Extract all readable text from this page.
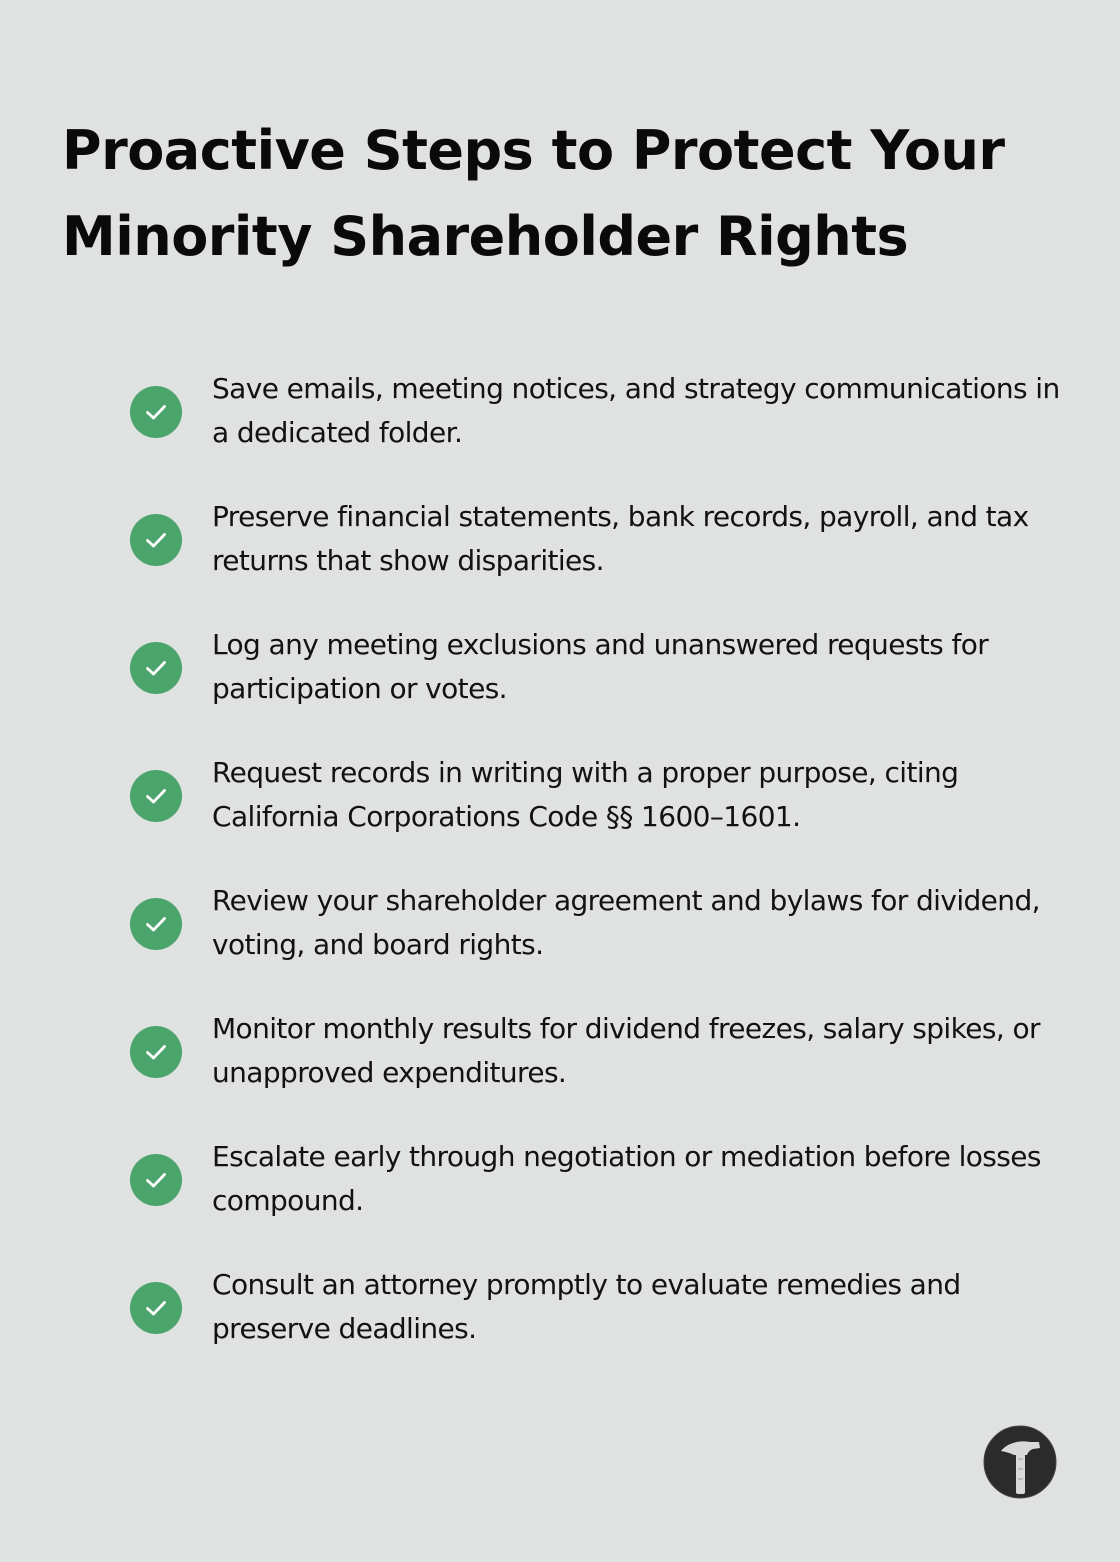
Proactive Steps to Protect Your Minority Shareholder Rights
Save emails, meeting notices, and strategy communications in a dedicated folder.
Preserve financial statements, bank records, payroll, and tax returns that show disparities.
Log any meeting exclusions and unanswered requests for participation or votes.
Request records in writing with a proper purpose, citing California Corporations Code §§ 1600–1601.
Review your shareholder agreement and bylaws for dividend, voting, and board rights.
Monitor monthly results for dividend freezes, salary spikes, or unapproved expenditures.
Escalate early through negotiation or mediation before losses compound.
Consult an attorney promptly to evaluate remedies and preserve deadlines.
